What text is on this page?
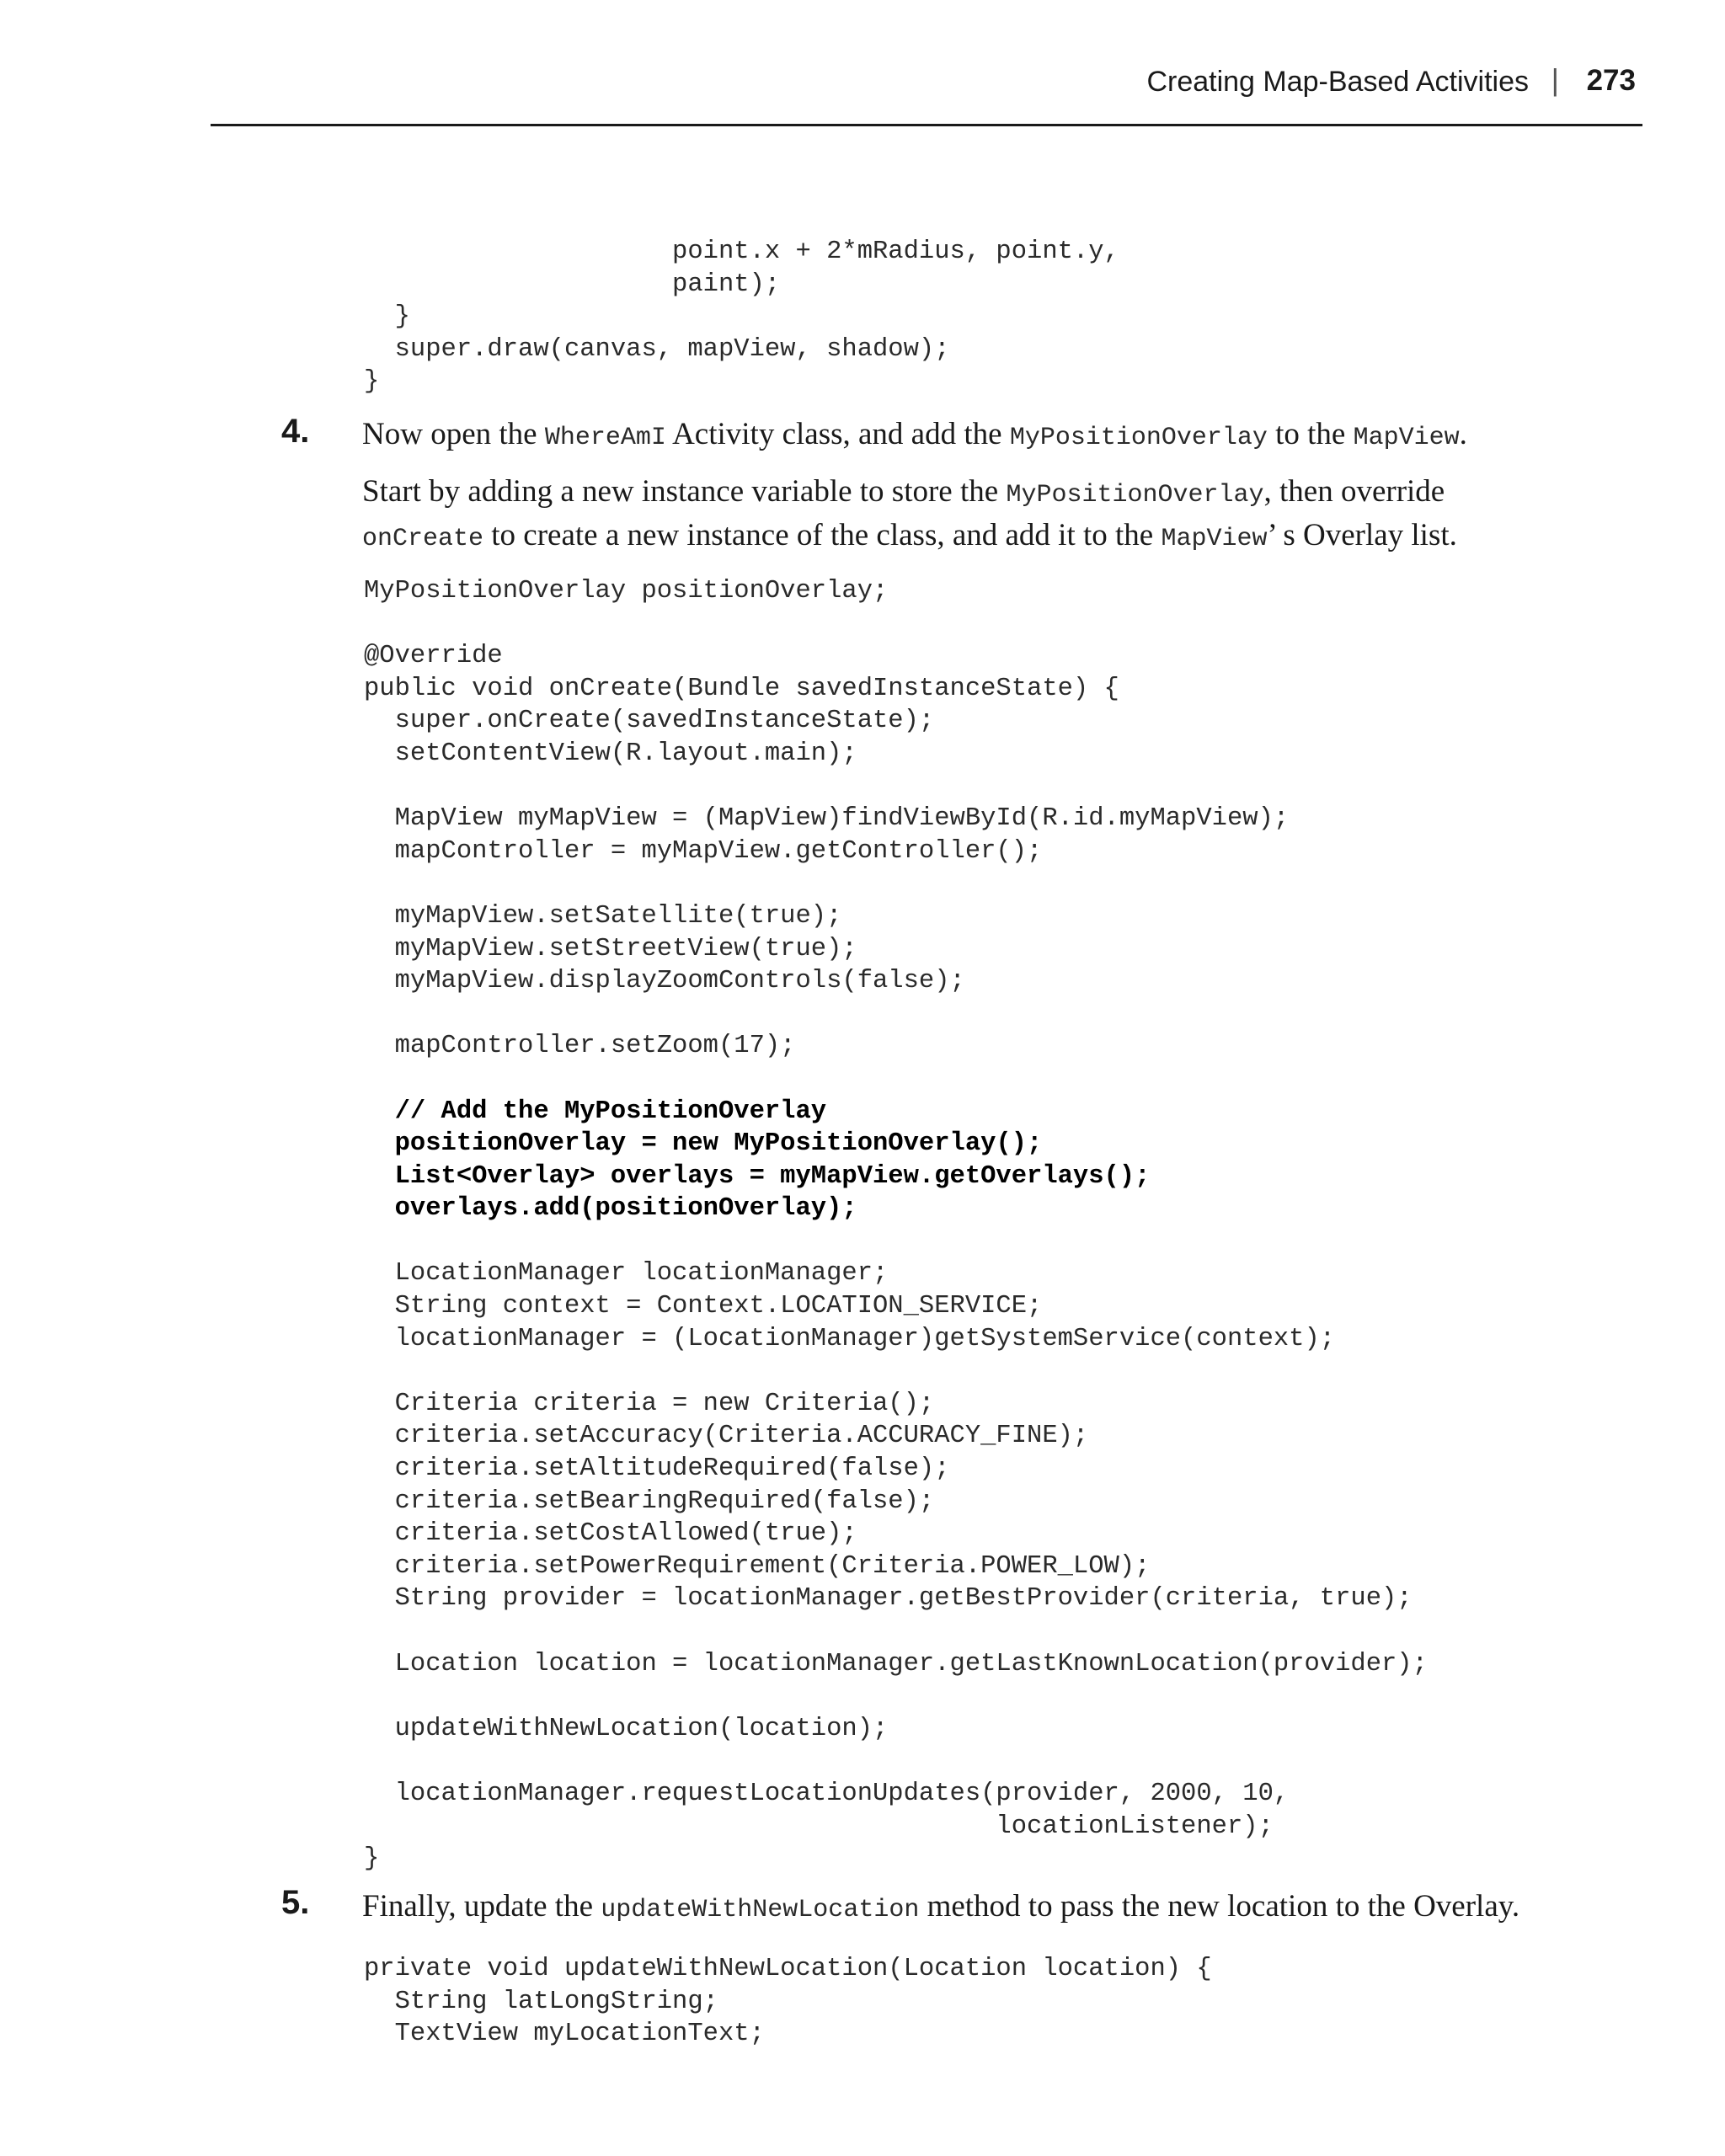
Creating Map-Based Activities | 273
point.x + 2*mRadius, point.y,
paint);
}
super.draw(canvas, mapView, shadow);
}
4. Now open the WhereAmI Activity class, and add the MyPositionOverlay to the MapView.
Start by adding a new instance variable to store the MyPositionOverlay, then override
onCreate to create a new instance of the class, and add it to the MapView’ s Overlay list.
MyPositionOverlay positionOverlay;
@Override
public void onCreate(Bundle savedInstanceState) {
super.onCreate(savedInstanceState);
setContentView(R.layout.main);
MapView myMapView = (MapView)findViewById(R.id.myMapView);
mapController = myMapView.getController();
myMapView.setSatellite(true);
myMapView.setStreetView(true);
myMapView.displayZoomControls(false);
mapController.setZoom(17);
// Add the MyPositionOverlay
positionOverlay = new MyPositionOverlay();
List<Overlay> overlays = myMapView.getOverlays();
overlays.add(positionOverlay);
LocationManager locationManager;
String context = Context.LOCATION_SERVICE;
locationManager = (LocationManager)getSystemService(context);
Criteria criteria = new Criteria();
criteria.setAccuracy(Criteria.ACCURACY_FINE);
criteria.setAltitudeRequired(false);
criteria.setBearingRequired(false);
criteria.setCostAllowed(true);
criteria.setPowerRequirement(Criteria.POWER_LOW);
String provider = locationManager.getBestProvider(criteria, true);
Location location = locationManager.getLastKnownLocation(provider);
updateWithNewLocation(location);
locationManager.requestLocationUpdates(provider, 2000, 10,
locationListener);
}
5. Finally, update the updateWithNewLocation method to pass the new location to the Overlay.
private void updateWithNewLocation(Location location) {
String latLongString;
TextView myLocationText;
